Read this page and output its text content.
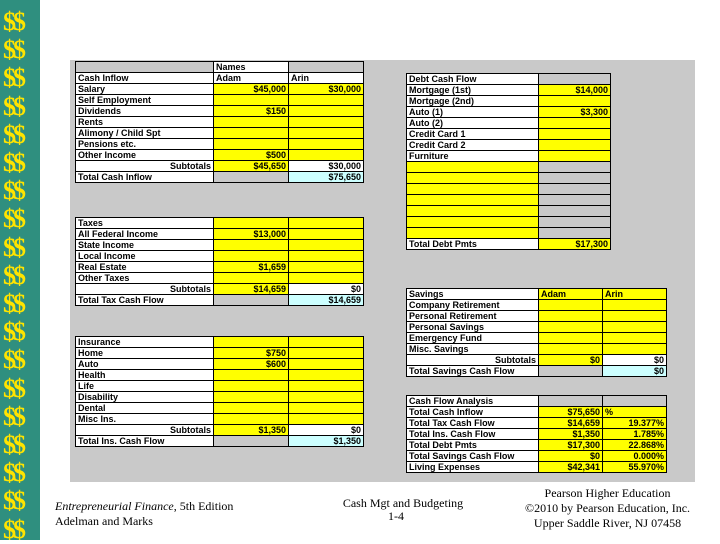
$$
$$
$$
$$
$$
$$
$$
$$
$$
$$
$$
$$
$$
$$
$$
$$
$$
$$
$$
	Names	
Cash Inflow	Adam	Arin
Salary	$45,000	$30,000
Self Employment		
Dividends	$150	
Rents		
Alimony / Child Spt		
Pensions etc.		
Other Income	$500	
Subtotals	$45,650	$30,000
Total Cash Inflow		$75,650
Taxes		
All Federal Income	$13,000	
State Income		
Local Income		
Real Estate	$1,659	
Other Taxes		
Subtotals	$14,659	$0
Total Tax Cash Flow		$14,659
Insurance		
Home	$750	
Auto	$600	
Health		
Life		
Disability		
Dental		
Misc Ins.		
Subtotals	$1,350	$0
Total Ins. Cash Flow		$1,350
Debt Cash Flow	
Mortgage (1st)	$14,000
Mortgage (2nd)	
Auto (1)	$3,300
Auto (2)	
Credit Card 1	
Credit Card 2	
Furniture	

Total Debt Pmts	$17,300
Savings	Adam	Arin
Company Retirement		
Personal Retirement		
Personal Savings		
Emergency Fund		
Misc. Savings		
Subtotals	$0	$0
Total Savings Cash Flow		$0
Cash Flow Analysis		
Total Cash Inflow	$75,650	%
Total Tax Cash Flow	$14,659	19.377%
Total Ins. Cash Flow	$1,350	1.785%
Total Debt Pmts	$17,300	22.868%
Total Savings Cash Flow	$0	0.000%
Living Expenses	$42,341	55.970%
Entrepreneurial Finance, 5th Edition
Adelman and Marks
Cash Mgt and Budgeting
1-4
Pearson Higher Education
©2010 by Pearson Education, Inc.
Upper Saddle River, NJ 07458
